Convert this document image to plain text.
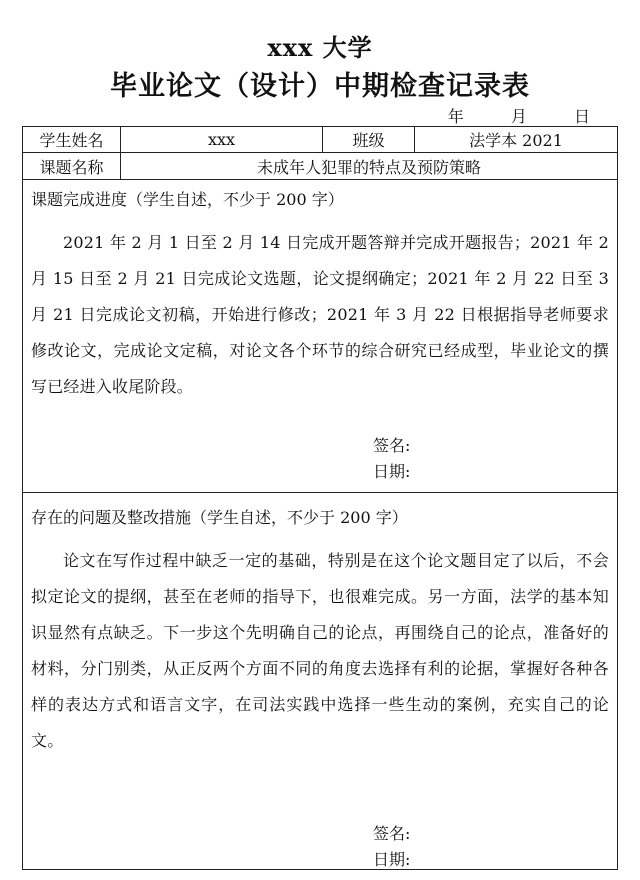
xxx 大学
毕业论文（设计）中期检查记录表
年	月	日
学生姓名	xxx	班级	法学本 2021
课题名称	未成年人犯罪的特点及预防策略
课题完成进度（学生自述，不少于 200 字）
2021 年 2 月 1 日至 2 月 14 日完成开题答辩并完成开题报告；2021 年 2 月 15 日至 2 月 21 日完成论文选题，论文提纲确定；2021 年 2 月 22 日至 3 月 21 日完成论文初稿，开始进行修改；2021 年 3 月 22 日根据指导老师要求修改论文，完成论文定稿，对论文各个环节的综合研究已经成型，毕业论文的撰写已经进入收尾阶段。
签名:
日期:
存在的问题及整改措施（学生自述，不少于 200 字）
论文在写作过程中缺乏一定的基础，特别是在这个论文题目定了以后，不会拟定论文的提纲，甚至在老师的指导下，也很难完成。另一方面，法学的基本知识显然有点缺乏。下一步这个先明确自己的论点，再围绕自己的论点，准备好的材料，分门别类，从正反两个方面不同的角度去选择有利的论据，掌握好各种各样的表达方式和语言文字，在司法实践中选择一些生动的案例，充实自己的论文。
签名:
日期:
